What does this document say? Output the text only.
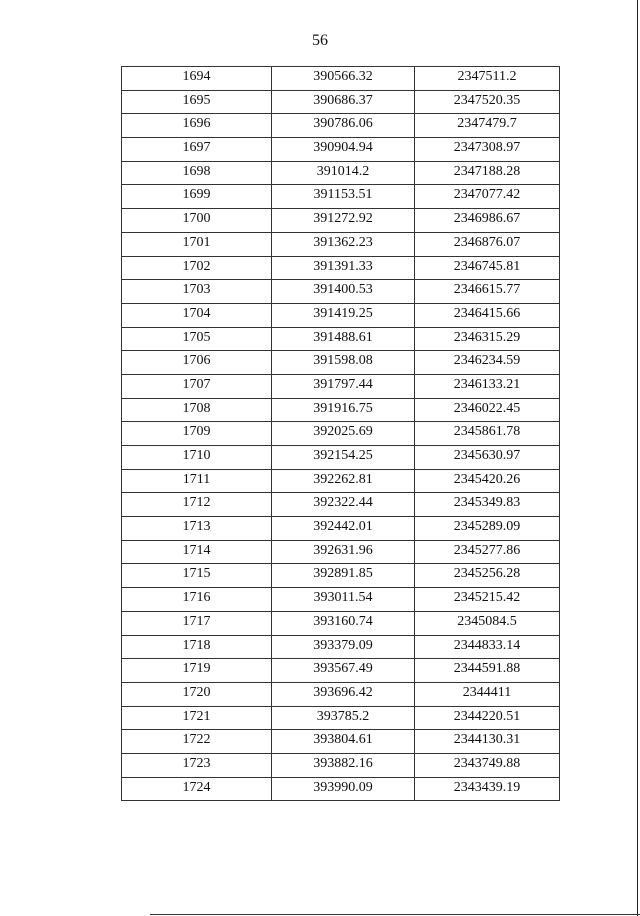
56
1694	390566.32	2347511.2
1695	390686.37	2347520.35
1696	390786.06	2347479.7
1697	390904.94	2347308.97
1698	391014.2	2347188.28
1699	391153.51	2347077.42
1700	391272.92	2346986.67
1701	391362.23	2346876.07
1702	391391.33	2346745.81
1703	391400.53	2346615.77
1704	391419.25	2346415.66
1705	391488.61	2346315.29
1706	391598.08	2346234.59
1707	391797.44	2346133.21
1708	391916.75	2346022.45
1709	392025.69	2345861.78
1710	392154.25	2345630.97
1711	392262.81	2345420.26
1712	392322.44	2345349.83
1713	392442.01	2345289.09
1714	392631.96	2345277.86
1715	392891.85	2345256.28
1716	393011.54	2345215.42
1717	393160.74	2345084.5
1718	393379.09	2344833.14
1719	393567.49	2344591.88
1720	393696.42	2344411
1721	393785.2	2344220.51
1722	393804.61	2344130.31
1723	393882.16	2343749.88
1724	393990.09	2343439.19
